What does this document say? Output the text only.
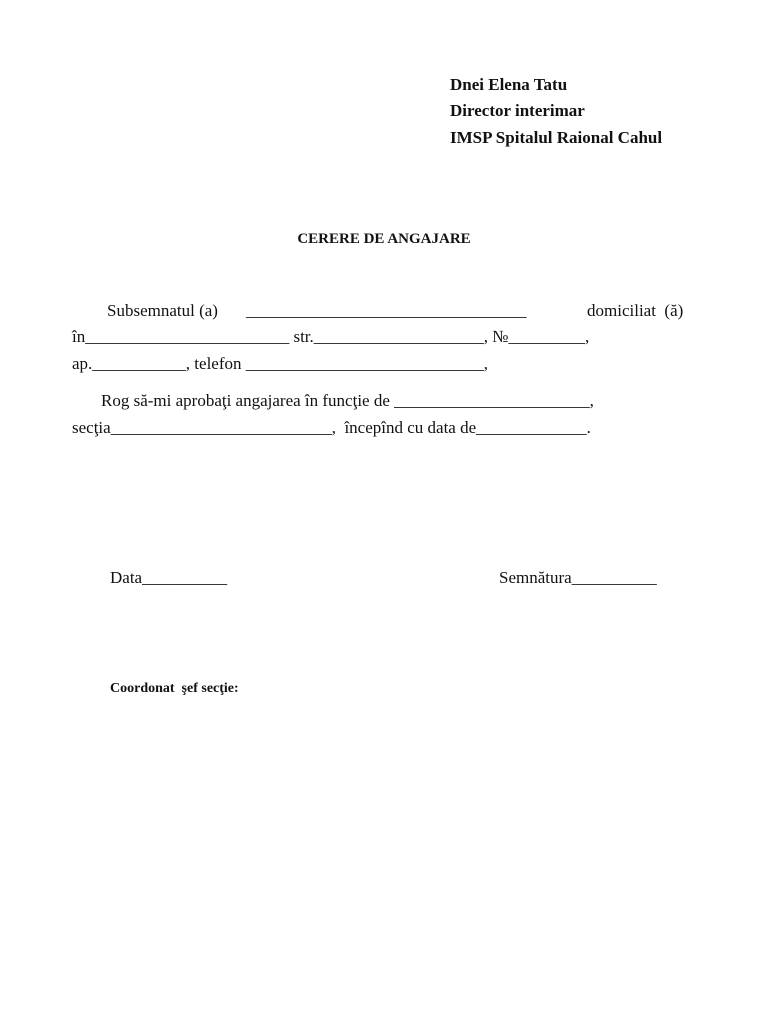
Dnei Elena Tatu
Director interimar
IMSP Spitalul Raional Cahul
CERERE DE ANGAJARE
Subsemnatul (a) _________________________________	domiciliat  (ă)
în________________________ str.____________________, №_________,
ap.___________, telefon ____________________________,
Rog să-mi aprobaţi angajarea în funcţie de _______________________,
secţia__________________________,  începînd cu data de_____________.
Data__________	Semnătura__________
Coordonat  şef secţie:
